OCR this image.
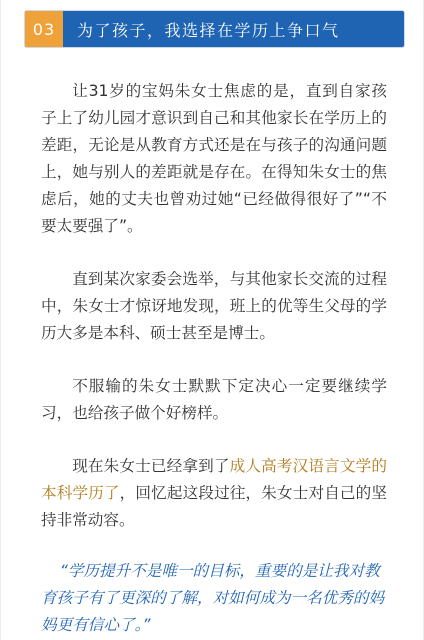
03	为了孩子，我选择在学历上争口气

让31岁的宝妈朱女士焦虑的是，直到自家孩子上了幼儿园才意识到自己和其他家长在学历上的差距，无论是从教育方式还是在与孩子的沟通问题上，她与别人的差距就是存在。在得知朱女士的焦虑后，她的丈夫也曾劝过她“已经做得很好了”“不要太要强了”。

直到某次家委会选举，与其他家长交流的过程中，朱女士才惊讶地发现，班上的优等生父母的学历大多是本科、硕士甚至是博士。

不服输的朱女士默默下定决心一定要继续学习，也给孩子做个好榜样。

现在朱女士已经拿到了成人高考汉语言文学的本科学历了，回忆起这段过往，朱女士对自己的坚持非常动容。

“学历提升不是唯一的目标，重要的是让我对教育孩子有了更深的了解，对如何成为一名优秀的妈妈更有信心了。”
